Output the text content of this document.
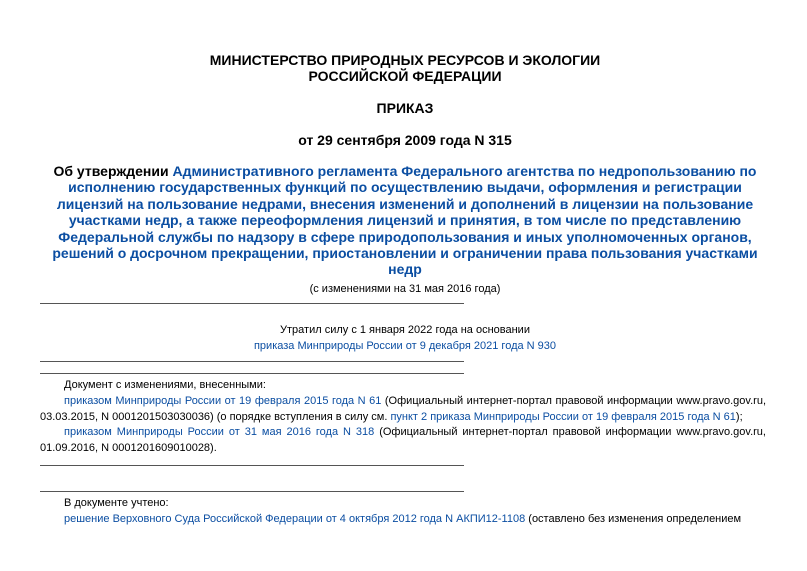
МИНИСТЕРСТВО ПРИРОДНЫХ РЕСУРСОВ И ЭКОЛОГИИ
РОССИЙСКОЙ ФЕДЕРАЦИИ
ПРИКАЗ
от 29 сентября 2009 года N 315
Об утверждении Административного регламента Федерального агентства по недропользованию по исполнению государственных функций по осуществлению выдачи, оформления и регистрации лицензий на пользование недрами, внесения изменений и дополнений в лицензии на пользование участками недр, а также переоформления лицензий и принятия, в том числе по представлению Федеральной службы по надзору в сфере природопользования и иных уполномоченных органов, решений о досрочном прекращении, приостановлении и ограничении права пользования участками недр
(с изменениями на 31 мая 2016 года)
Утратил силу с 1 января 2022 года на основании
приказа Минприроды России от 9 декабря 2021 года N 930
Документ с изменениями, внесенными:
приказом Минприроды России от 19 февраля 2015 года N 61 (Официальный интернет-портал правовой информации www.pravo.gov.ru, 03.03.2015, N 0001201503030036) (о порядке вступления в силу см. пункт 2 приказа Минприроды России от 19 февраля 2015 года N 61);
приказом Минприроды России от 31 мая 2016 года N 318 (Официальный интернет-портал правовой информации www.pravo.gov.ru, 01.09.2016, N 0001201609010028).
В документе учтено:
решение Верховного Суда Российской Федерации от 4 октября 2012 года N АКПИ12-1108 (оставлено без изменения определением
